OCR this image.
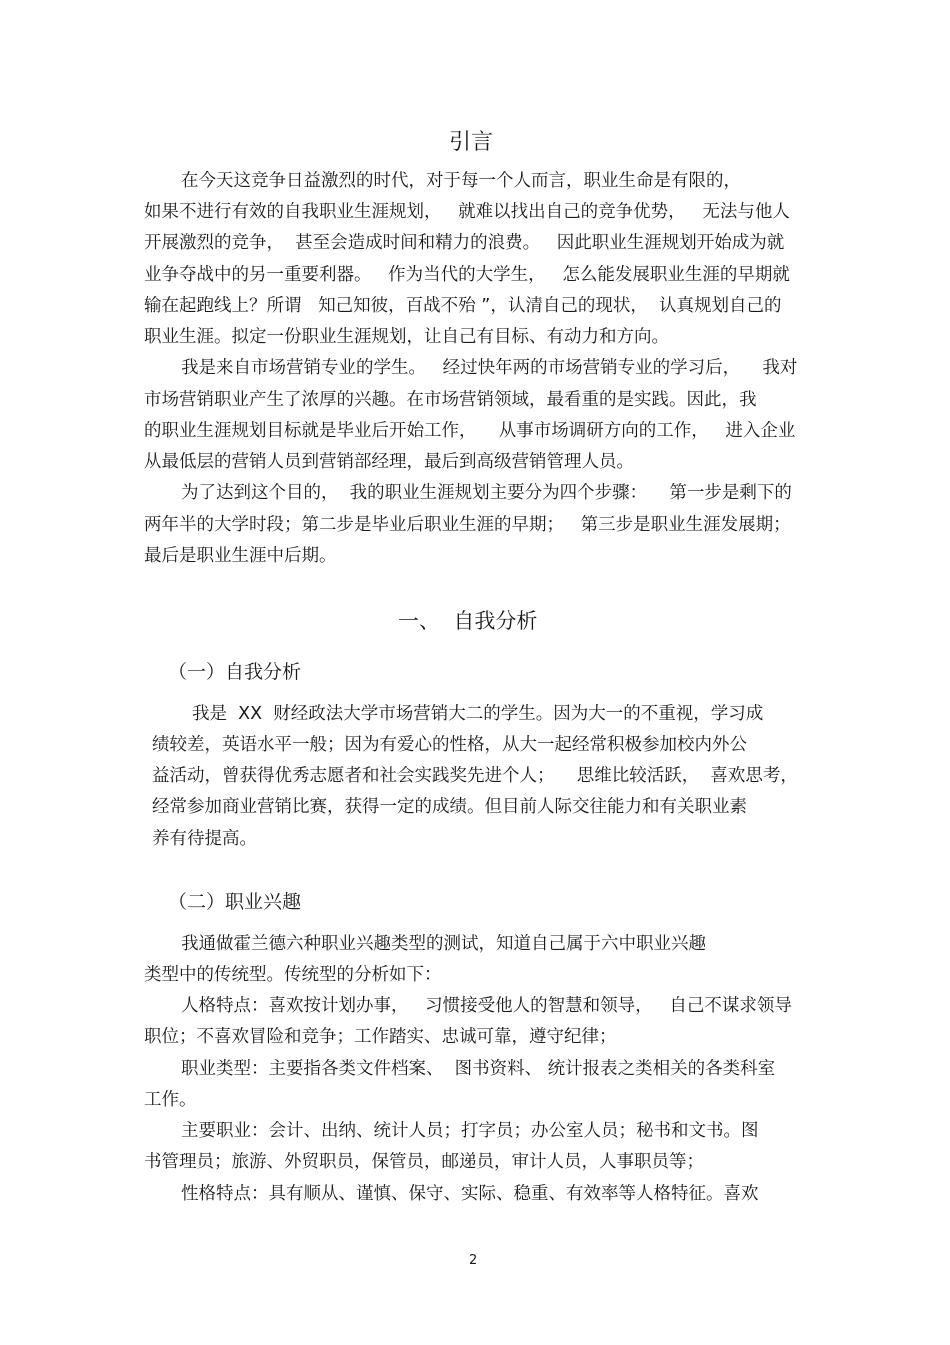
引言
在今天这竞争日益激烈的时代，对于每一个人而言，职业生命是有限的，
如果不进行有效的自我职业生涯规划，   就难以找出自己的竞争优势，   无法与他人
开展激烈的竞争，  甚至会造成时间和精力的浪费。   因此职业生涯规划开始成为就
业争夺战中的另一重要利器。   作为当代的大学生，   怎么能发展职业生涯的早期就
输在起跑线上？所谓   知己知彼，百战不殆 ”，认清自己的现状，  认真规划自己的
职业生涯。拟定一份职业生涯规划，让自己有目标、有动力和方向。
我是来自市场营销专业的学生。   经过快年两的市场营销专业的学习后，    我对
市场营销职业产生了浓厚的兴趣。在市场营销领域，最看重的是实践。因此，我
的职业生涯规划目标就是毕业后开始工作，    从事市场调研方向的工作，   进入企业
从最低层的营销人员到营销部经理，最后到高级营销管理人员。
为了达到这个目的，  我的职业生涯规划主要分为四个步骤：    第一步是剩下的
两年半的大学时段；第二步是毕业后职业生涯的早期；   第三步是职业生涯发展期；
最后是职业生涯中后期。
一、  自我分析
（一）自我分析
我是  XX  财经政法大学市场营销大二的学生。因为大一的不重视，学习成
绩较差，英语水平一般；因为有爱心的性格，从大一起经常积极参加校内外公
益活动，曾获得优秀志愿者和社会实践奖先进个人；    思维比较活跃，  喜欢思考，
经常参加商业营销比赛，获得一定的成绩。但目前人际交往能力和有关职业素
养有待提高。
（二）职业兴趣
我通做霍兰德六种职业兴趣类型的测试，知道自己属于六中职业兴趣
类型中的传统型。传统型的分析如下：
人格特点：喜欢按计划办事，   习惯接受他人的智慧和领导，   自己不谋求领导
职位；不喜欢冒险和竞争；工作踏实、忠诚可靠，遵守纪律；
职业类型：主要指各类文件档案、  图书资料、 统计报表之类相关的各类科室
工作。
主要职业：会计、出纳、统计人员；打字员；办公室人员；秘书和文书。图
书管理员；旅游、外贸职员，保管员，邮递员，审计人员，人事职员等；
性格特点：具有顺从、谨慎、保守、实际、稳重、有效率等人格特征。喜欢
2
